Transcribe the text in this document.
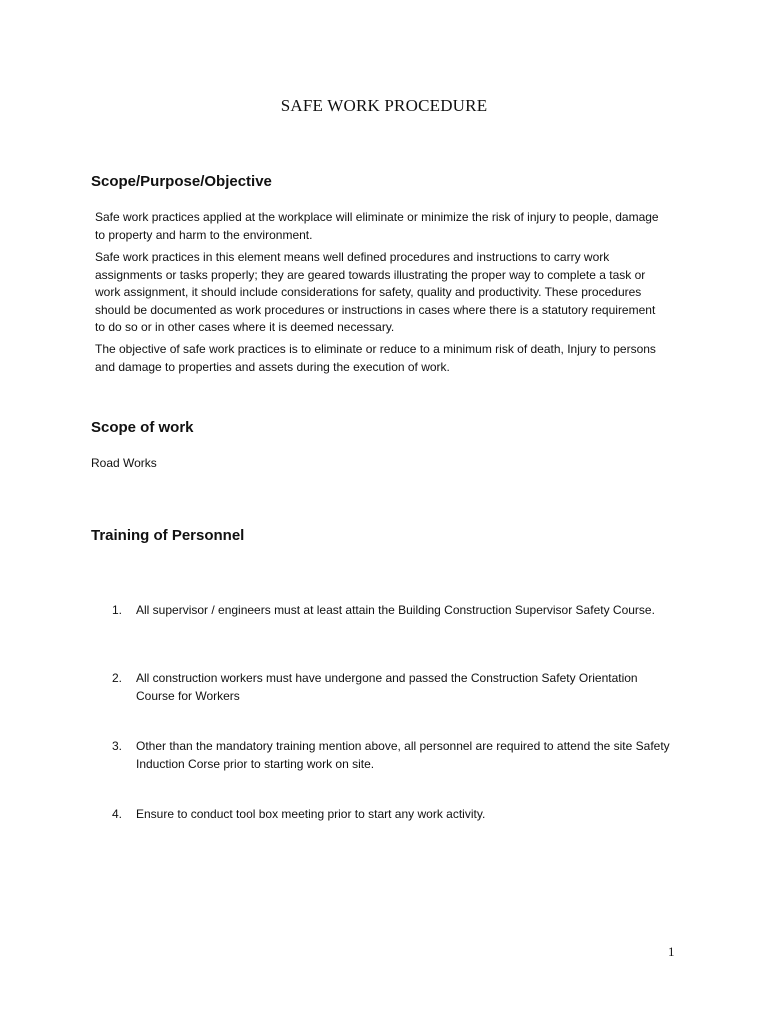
SAFE WORK PROCEDURE
Scope/Purpose/Objective

Safe work practices applied at the workplace will eliminate or minimize the risk of injury to people, damage to property and harm to the environment.

Safe work practices in this element means well defined procedures and instructions to carry work assignments or tasks properly; they are geared towards illustrating the proper way to complete a task or work assignment, it should include considerations for safety, quality and productivity. These procedures should be documented as work procedures or instructions in cases where there is a statutory requirement to do so or in other cases where it is deemed necessary.

The objective of safe work practices is to eliminate or reduce to a minimum risk of death, Injury to persons and damage to properties and assets during the execution of work.

Scope of work

Road Works

Training of Personnel
1.	All supervisor / engineers must at least attain the Building Construction Supervisor Safety Course.
2.	All construction workers must have undergone and passed the Construction Safety Orientation Course for Workers
3.	Other than the mandatory training mention above, all personnel are required to attend the site Safety Induction Corse prior to starting work on site.
4.	Ensure to conduct tool box meeting prior to start any work activity.
1
